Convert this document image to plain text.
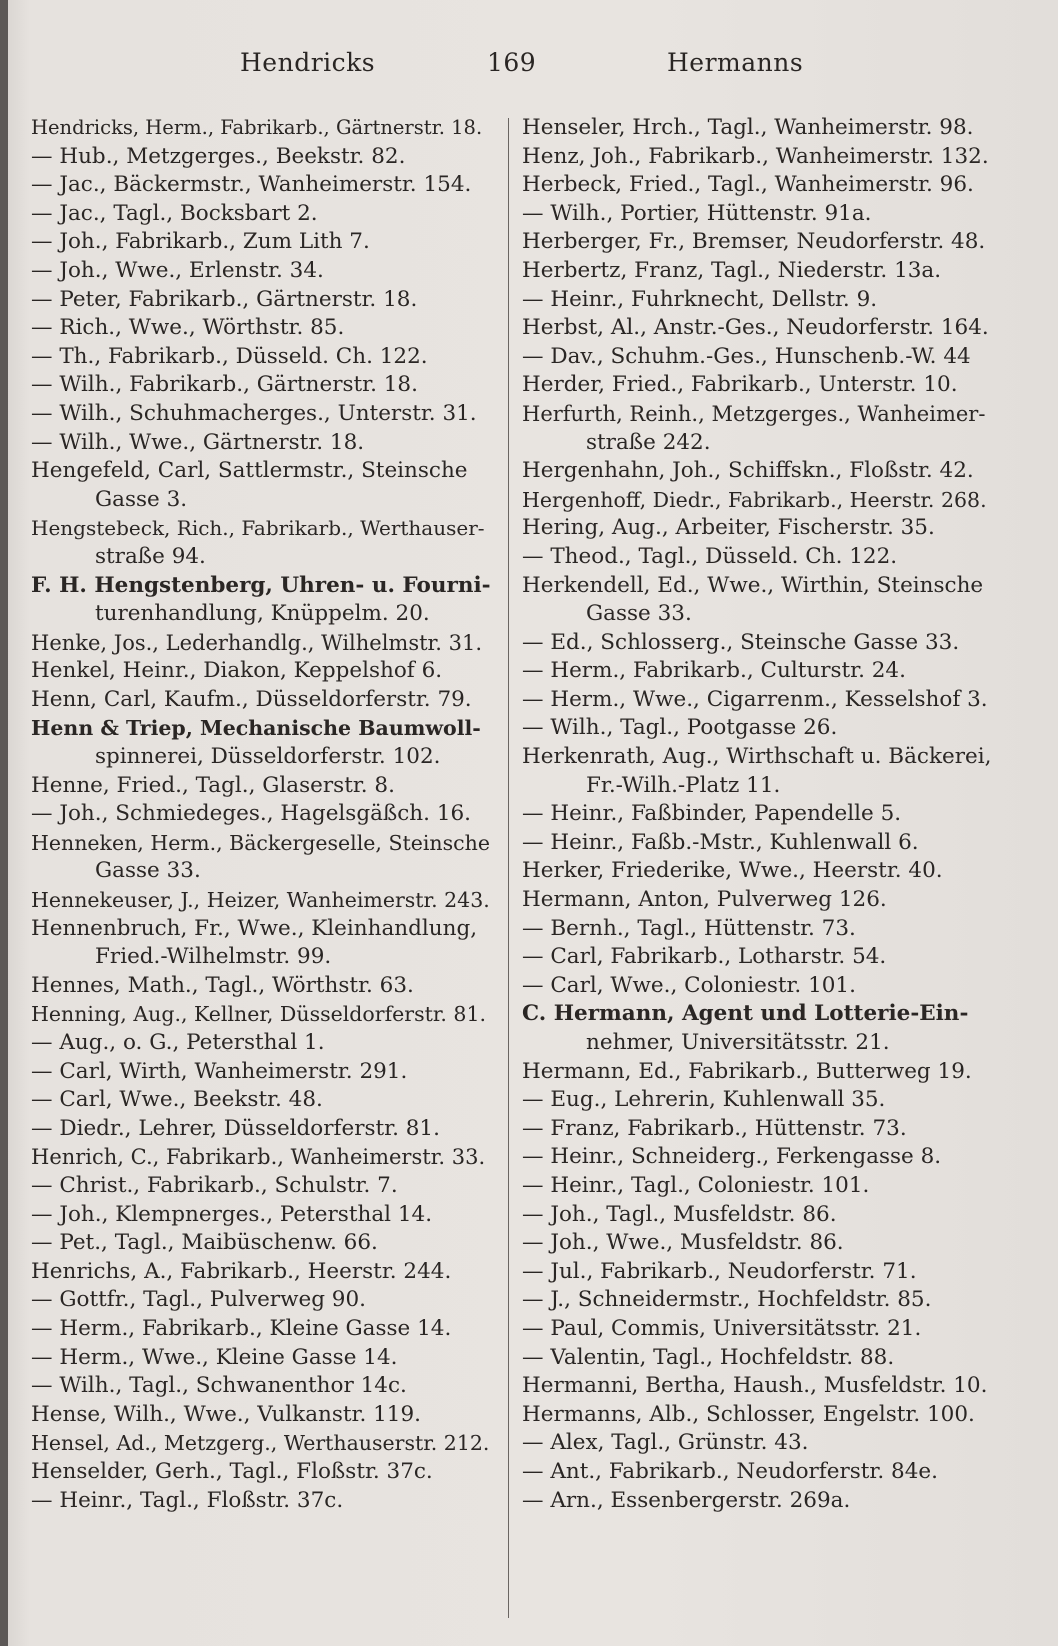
Hendricks	169	Hermanns
Hendricks, Herm., Fabrikarb., Gärtnerstr. 18.
— Hub., Metzgerges., Beekstr. 82.
— Jac., Bäckermstr., Wanheimerstr. 154.
— Jac., Tagl., Bocksbart 2.
— Joh., Fabrikarb., Zum Lith 7.
— Joh., Wwe., Erlenstr. 34.
— Peter, Fabrikarb., Gärtnerstr. 18.
— Rich., Wwe., Wörthstr. 85.
— Th., Fabrikarb., Düsseld. Ch. 122.
— Wilh., Fabrikarb., Gärtnerstr. 18.
— Wilh., Schuhmacherges., Unterstr. 31.
— Wilh., Wwe., Gärtnerstr. 18.
Hengefeld, Carl, Sattlermstr., Steinsche
Gasse 3.
Hengstebeck, Rich., Fabrikarb., Werthauser-
straße 94.
F. H. Hengstenberg, Uhren- u. Fourni-
turenhandlung, Knüppelm. 20.
Henke, Jos., Lederhandlg., Wilhelmstr. 31.
Henkel, Heinr., Diakon, Keppelshof 6.
Henn, Carl, Kaufm., Düsseldorferstr. 79.
Henn & Triep, Mechanische Baumwoll-
spinnerei, Düsseldorferstr. 102.
Henne, Fried., Tagl., Glaserstr. 8.
— Joh., Schmiedeges., Hagelsgäßch. 16.
Henneken, Herm., Bäckergeselle, Steinsche
Gasse 33.
Hennekeuser, J., Heizer, Wanheimerstr. 243.
Hennenbruch, Fr., Wwe., Kleinhandlung,
Fried.-Wilhelmstr. 99.
Hennes, Math., Tagl., Wörthstr. 63.
Henning, Aug., Kellner, Düsseldorferstr. 81.
— Aug., o. G., Petersthal 1.
— Carl, Wirth, Wanheimerstr. 291.
— Carl, Wwe., Beekstr. 48.
— Diedr., Lehrer, Düsseldorferstr. 81.
Henrich, C., Fabrikarb., Wanheimerstr. 33.
— Christ., Fabrikarb., Schulstr. 7.
— Joh., Klempnerges., Petersthal 14.
— Pet., Tagl., Maibüschenw. 66.
Henrichs, A., Fabrikarb., Heerstr. 244.
— Gottfr., Tagl., Pulverweg 90.
— Herm., Fabrikarb., Kleine Gasse 14.
— Herm., Wwe., Kleine Gasse 14.
— Wilh., Tagl., Schwanenthor 14c.
Hense, Wilh., Wwe., Vulkanstr. 119.
Hensel, Ad., Metzgerg., Werthauserstr. 212.
Henselder, Gerh., Tagl., Floßstr. 37c.
— Heinr., Tagl., Floßstr. 37c.
Henseler, Hrch., Tagl., Wanheimerstr. 98.
Henz, Joh., Fabrikarb., Wanheimerstr. 132.
Herbeck, Fried., Tagl., Wanheimerstr. 96.
— Wilh., Portier, Hüttenstr. 91a.
Herberger, Fr., Bremser, Neudorferstr. 48.
Herbertz, Franz, Tagl., Niederstr. 13a.
— Heinr., Fuhrknecht, Dellstr. 9.
Herbst, Al., Anstr.-Ges., Neudorferstr. 164.
— Dav., Schuhm.-Ges., Hunschenb.-W. 44
Herder, Fried., Fabrikarb., Unterstr. 10.
Herfurth, Reinh., Metzgerges., Wanheimer-
straße 242.
Hergenhahn, Joh., Schiffskn., Floßstr. 42.
Hergenhoff, Diedr., Fabrikarb., Heerstr. 268.
Hering, Aug., Arbeiter, Fischerstr. 35.
— Theod., Tagl., Düsseld. Ch. 122.
Herkendell, Ed., Wwe., Wirthin, Steinsche
Gasse 33.
— Ed., Schlosserg., Steinsche Gasse 33.
— Herm., Fabrikarb., Culturstr. 24.
— Herm., Wwe., Cigarrenm., Kesselshof 3.
— Wilh., Tagl., Pootgasse 26.
Herkenrath, Aug., Wirthschaft u. Bäckerei,
Fr.-Wilh.-Platz 11.
— Heinr., Faßbinder, Papendelle 5.
— Heinr., Faßb.-Mstr., Kuhlenwall 6.
Herker, Friederike, Wwe., Heerstr. 40.
Hermann, Anton, Pulverweg 126.
— Bernh., Tagl., Hüttenstr. 73.
— Carl, Fabrikarb., Lotharstr. 54.
— Carl, Wwe., Coloniestr. 101.
C. Hermann, Agent und Lotterie-Ein-
nehmer, Universitätsstr. 21.
Hermann, Ed., Fabrikarb., Butterweg 19.
— Eug., Lehrerin, Kuhlenwall 35.
— Franz, Fabrikarb., Hüttenstr. 73.
— Heinr., Schneiderg., Ferkengasse 8.
— Heinr., Tagl., Coloniestr. 101.
— Joh., Tagl., Musfeldstr. 86.
— Joh., Wwe., Musfeldstr. 86.
— Jul., Fabrikarb., Neudorferstr. 71.
— J., Schneidermstr., Hochfeldstr. 85.
— Paul, Commis, Universitätsstr. 21.
— Valentin, Tagl., Hochfeldstr. 88.
Hermanni, Bertha, Haush., Musfeldstr. 10.
Hermanns, Alb., Schlosser, Engelstr. 100.
— Alex, Tagl., Grünstr. 43.
— Ant., Fabrikarb., Neudorferstr. 84e.
— Arn., Essenbergerstr. 269a.
